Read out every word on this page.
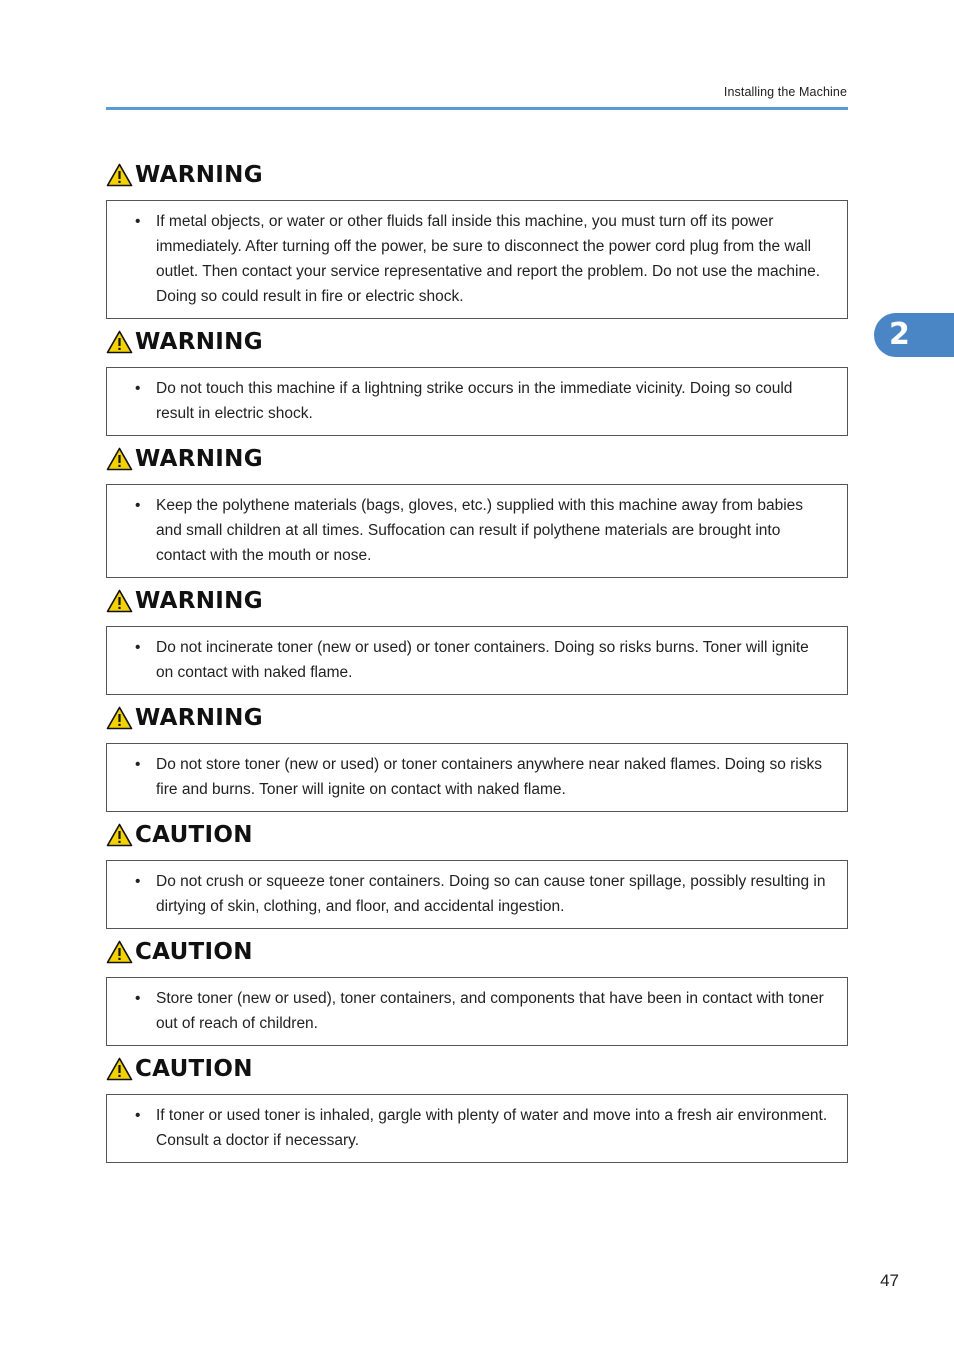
Installing the Machine
2
WARNING
• If metal objects, or water or other fluids fall inside this machine, you must turn off its power immediately. After turning off the power, be sure to disconnect the power cord plug from the wall outlet. Then contact your service representative and report the problem. Do not use the machine. Doing so could result in fire or electric shock.
WARNING
• Do not touch this machine if a lightning strike occurs in the immediate vicinity. Doing so could result in electric shock.
WARNING
• Keep the polythene materials (bags, gloves, etc.) supplied with this machine away from babies and small children at all times. Suffocation can result if polythene materials are brought into contact with the mouth or nose.
WARNING
• Do not incinerate toner (new or used) or toner containers. Doing so risks burns. Toner will ignite on contact with naked flame.
WARNING
• Do not store toner (new or used) or toner containers anywhere near naked flames. Doing so risks fire and burns. Toner will ignite on contact with naked flame.
CAUTION
• Do not crush or squeeze toner containers. Doing so can cause toner spillage, possibly resulting in dirtying of skin, clothing, and floor, and accidental ingestion.
CAUTION
• Store toner (new or used), toner containers, and components that have been in contact with toner out of reach of children.
CAUTION
• If toner or used toner is inhaled, gargle with plenty of water and move into a fresh air environment. Consult a doctor if necessary.
47
